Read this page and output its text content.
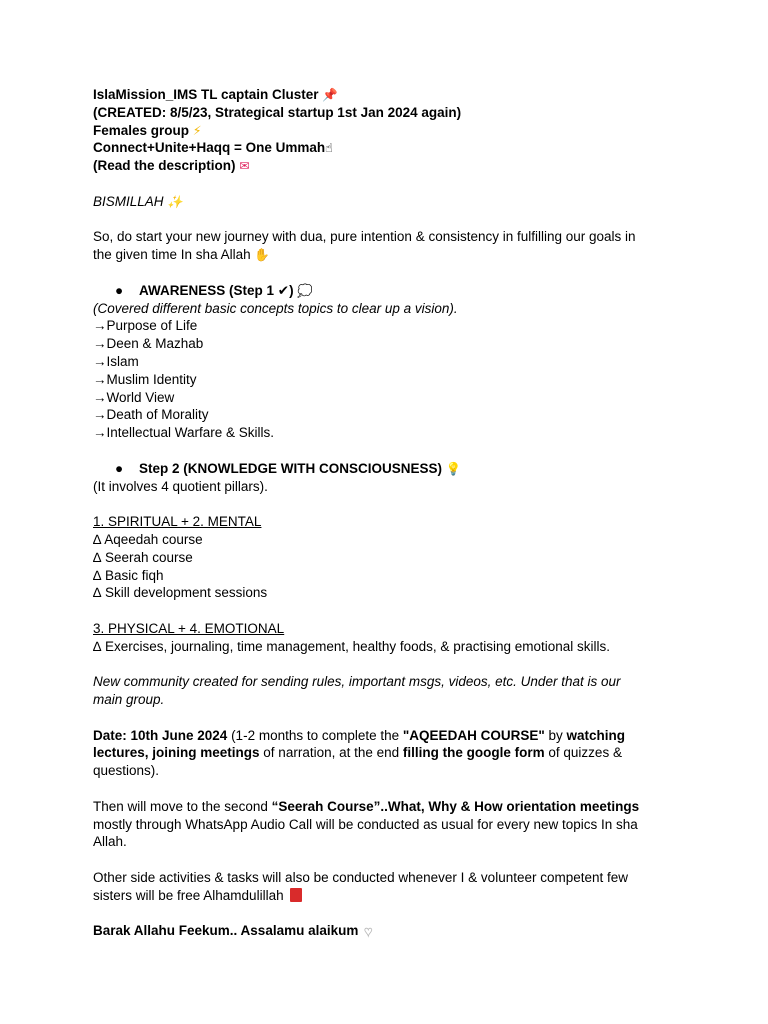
IslaMission_IMS TL captain Cluster 📌
(CREATED: 8/5/23, Strategical startup 1st Jan 2024 again)
Females group ⚡
Connect+Unite+Haqq = One Ummah☝
(Read the description) ✉
BISMILLAH ✨
So, do start your new journey with dua, pure intention & consistency in fulfilling our goals in
the given time In sha Allah ✋
● AWARENESS (Step 1 ✔) 💭
(Covered different basic concepts topics to clear up a vision).
→Purpose of Life
→Deen & Mazhab
→Islam
→Muslim Identity
→World View
→Death of Morality
→Intellectual Warfare & Skills.
● Step 2 (KNOWLEDGE WITH CONSCIOUSNESS) 💡
(It involves 4 quotient pillars).
1. SPIRITUAL + 2. MENTAL
∆ Aqeedah course
∆ Seerah course
∆ Basic fiqh
∆ Skill development sessions
3. PHYSICAL + 4. EMOTIONAL
∆ Exercises, journaling, time management, healthy foods, & practising emotional skills.
New community created for sending rules, important msgs, videos, etc. Under that is our
main group.
Date: 10th June 2024 (1-2 months to complete the "AQEEDAH COURSE" by watching
lectures, joining meetings of narration, at the end filling the google form of quizzes &
questions).
Then will move to the second “Seerah Course”..What, Why & How orientation meetings
mostly through WhatsApp Audio Call will be conducted as usual for every new topics In sha
Allah.
Other side activities & tasks will also be conducted whenever I & volunteer competent few
sisters will be free Alhamdulillah
Barak Allahu Feekum.. Assalamu alaikum ♥
